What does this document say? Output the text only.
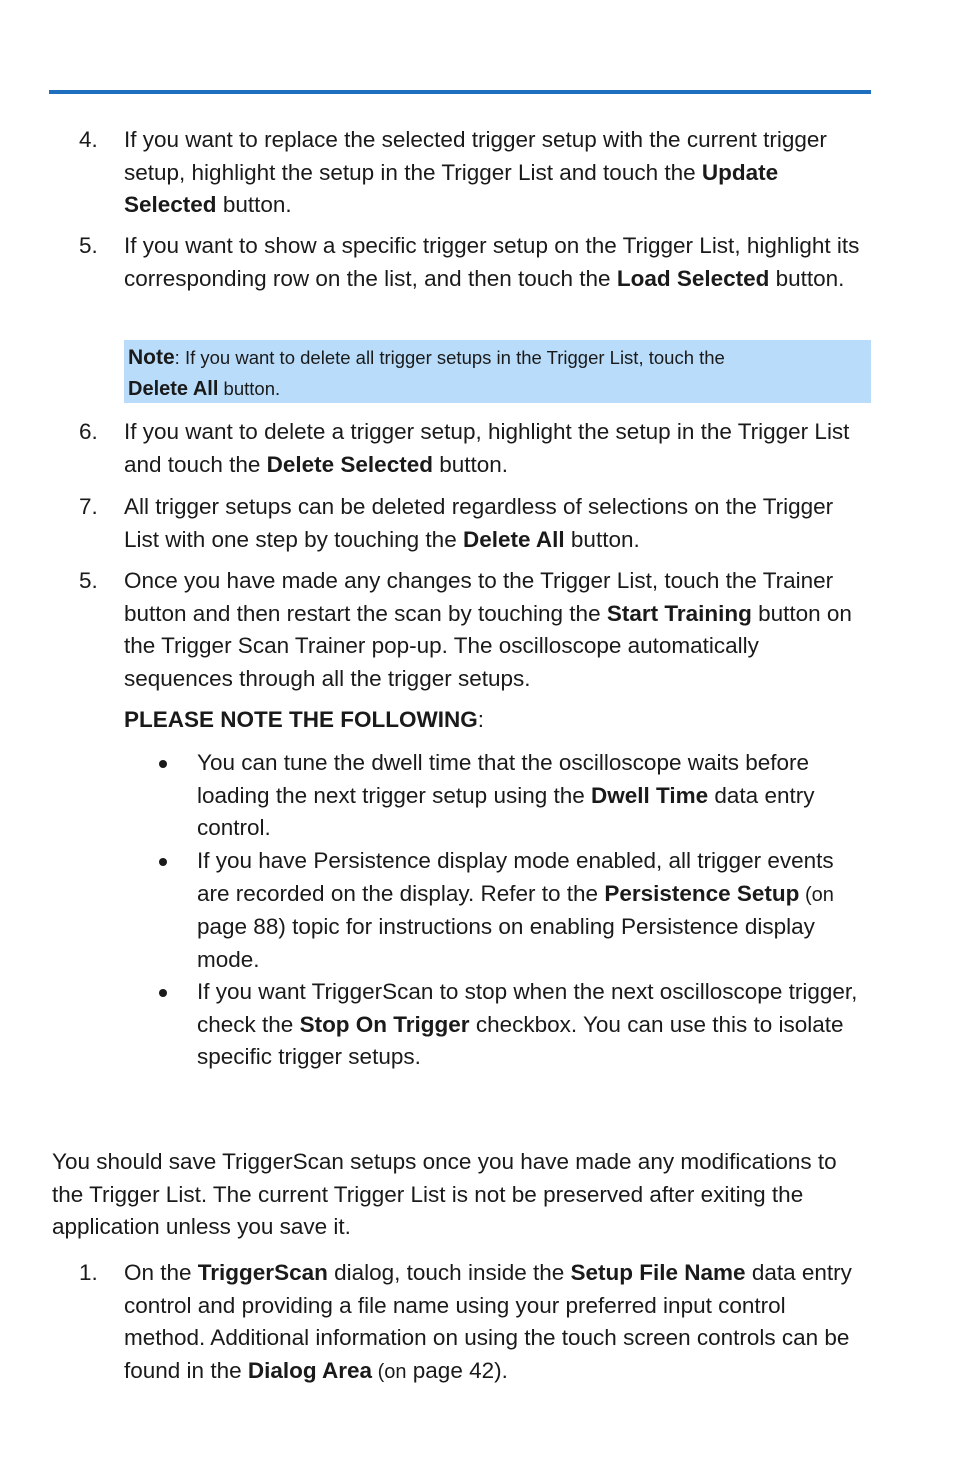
4.	If you want to replace the selected trigger setup with the current trigger setup, highlight the setup in the Trigger List and touch the Update Selected button.
5.	If you want to show a specific trigger setup on the Trigger List, highlight its corresponding row on the list, and then touch the Load Selected button.
Note: If you want to delete all trigger setups in the Trigger List, touch the
Delete All button.
6.	If you want to delete a trigger setup, highlight the setup in the Trigger List and touch the Delete Selected button.
7.	All trigger setups can be deleted regardless of selections on the Trigger List with one step by touching the Delete All button.
5.	Once you have made any changes to the Trigger List, touch the Trainer button and then restart the scan by touching the Start Training button on the Trigger Scan Trainer pop-up. The oscilloscope automatically sequences through all the trigger setups.
PLEASE NOTE THE FOLLOWING:
You can tune the dwell time that the oscilloscope waits before loading the next trigger setup using the Dwell Time data entry control.
If you have Persistence display mode enabled, all trigger events are recorded on the display. Refer to the Persistence Setup (on page 88) topic for instructions on enabling Persistence display mode.
If you want TriggerScan to stop when the next oscilloscope trigger, check the Stop On Trigger checkbox. You can use this to isolate specific trigger setups.
You should save TriggerScan setups once you have made any modifications to the Trigger List. The current Trigger List is not be preserved after exiting the application unless you save it.
1.	On the TriggerScan dialog, touch inside the Setup File Name data entry control and providing a file name using your preferred input control method. Additional information on using the touch screen controls can be found in the Dialog Area (on page 42).
